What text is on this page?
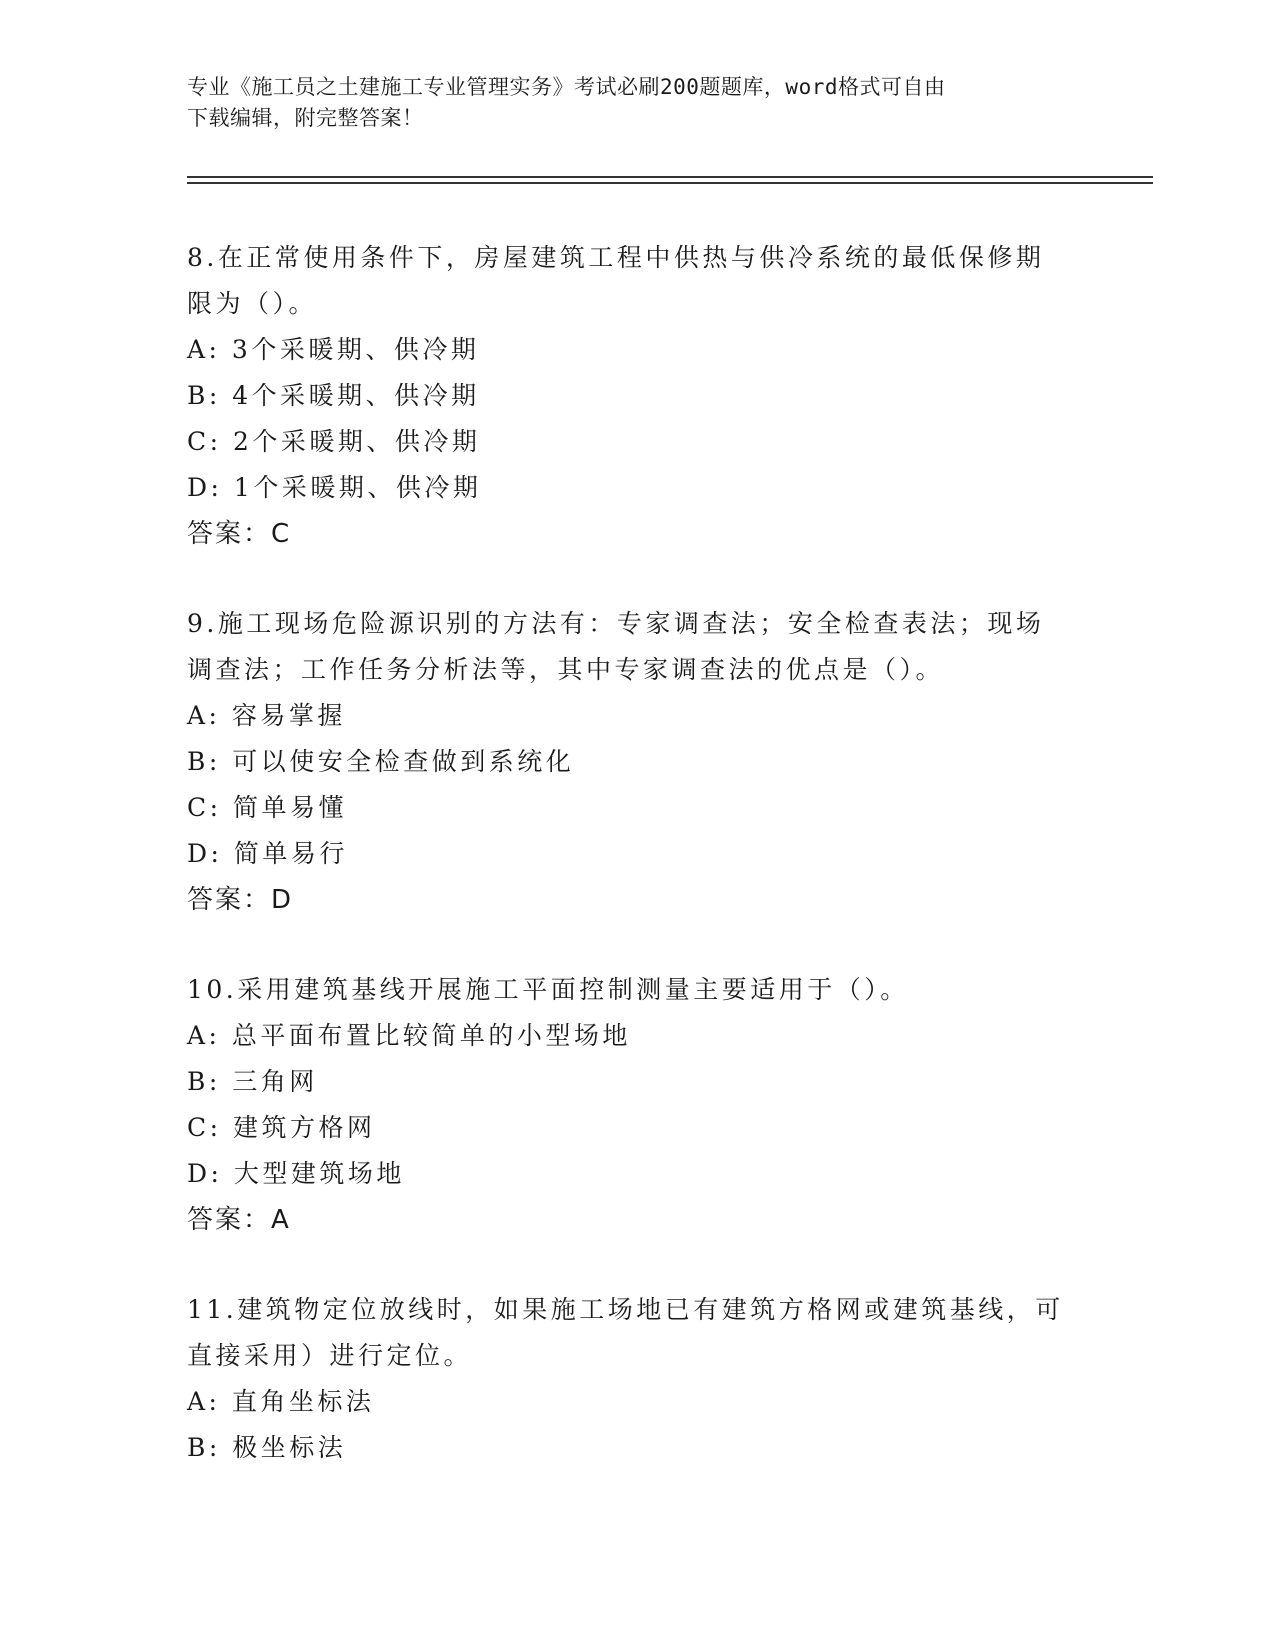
专业《施工员之土建施工专业管理实务》考试必刷200题题库，word格式可自由
下载编辑，附完整答案！
8.在正常使用条件下，房屋建筑工程中供热与供冷系统的最低保修期
限为（）。
A: 3个采暖期、供冷期
B: 4个采暖期、供冷期
C: 2个采暖期、供冷期
D: 1个采暖期、供冷期
答案：C
9.施工现场危险源识别的方法有：专家调查法；安全检查表法；现场
调查法；工作任务分析法等，其中专家调查法的优点是（）。
A: 容易掌握
B: 可以使安全检查做到系统化
C: 简单易懂
D: 简单易行
答案：D
10.采用建筑基线开展施工平面控制测量主要适用于（）。
A: 总平面布置比较简单的小型场地
B: 三角网
C: 建筑方格网
D: 大型建筑场地
答案：A
11.建筑物定位放线时，如果施工场地已有建筑方格网或建筑基线，可
直接采用）进行定位。
A: 直角坐标法
B: 极坐标法
